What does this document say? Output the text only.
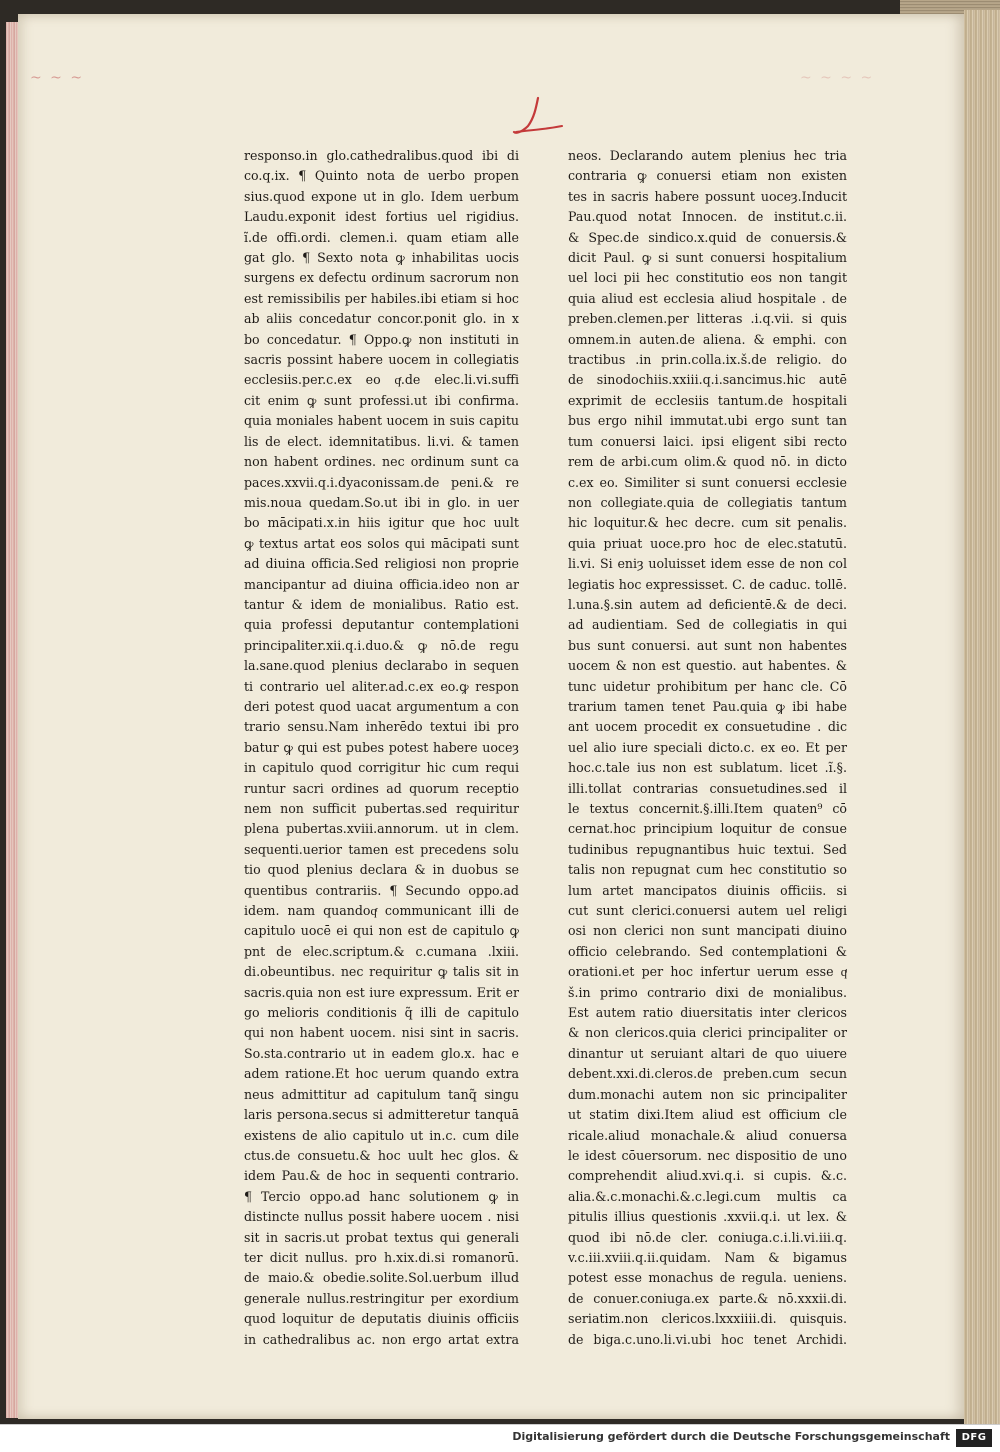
~ ~ ~	~ ~ ~ ~
respon​so.in glo.cathedralibus.quod ibi di
co.q.ix. ¶ Quinto nota de uerbo propen
sius.quod expone ut in glo. Idem uerbum
Laudu.exponit idest fortius uel rigidius.
ĩ.de offi.ordi. clemen.i. quam etiam alle
gat glo. ¶ Sexto nota ꝙ inhabilitas uocis
surgens ex defectu ordinum sacrorum non
est remissibilis per habiles.ibi etiam si hoc
ab aliis concedatur concor.ponit glo. in x
bo concedatur. ¶ Oppo.ꝙ non instituti in
sacris possint habere uocem in collegiatis
ecclesiis.per.c.ex eo qͬ.de elec.li.vi.suffi
cit enim ꝙ sunt professi.ut ibi confirma.
quia moniales habent uocem in suis capitu
lis de elect. idemnitatibus. li.vi. & tamen
non habent ordines. nec ordinum sunt ca
paces.xxvii.q.i.dyaconissam.de peni.& re
mis.noua quedam.So.ut ibi in glo. in uer
bo mācipati.x.in hiis igitur que hoc uult
ꝙ textus artat eos solos qui mācipati sunt
ad diuina officia.Sed religiosi non proprie
mancipantur ad diuina officia.ideo non ar
tantur & idem de monialibus. Ratio est.
quia professi deputantur contemplationi
principaliter.xii.q.i.duo.& ꝙ nō.de regu
la.sane.quod plenius declarabo in sequen
ti contrario uel aliter.ad.c.ex eo.ꝙ respon
deri potest quod uacat argumentum a con
trario sensu.Nam inherēdo textui ibi pro
batur ꝙ qui est pubes potest habere uoceȝ
in capitulo quod corrigitur hic cum requi
runtur sacri ordines ad quorum receptio
nem non sufficit pubertas.sed requiritur
plena pubertas.xviii.annorum. ut in clem.
sequenti.uerior tamen est precedens solu
tio quod plenius declara & in duobus se
quentibus contrariis. ¶ Secundo oppo.ad
idem. nam quandoqͬ communicant illi de
capitulo uocē ei qui non est de capitulo ꝙ
pnt de elec.scriptum.& c.cumana .lxiii.
di.obeuntibus. nec requiritur ꝙ talis sit in
sacris.quia non est iure expressum. Erit er
go melioris conditionis q̃ illi de capitulo
qui non habent uocem. nisi sint in sacris.
So.sta.contrario ut in eadem glo.x. hac e
adem ratione.Et hoc uerum quando extra
neus admittitur ad capitulum tanq̃ singu
laris persona.secus si admitteretur tanquā
existens de alio capitulo ut in.c. cum dile
ctus.de consuetu.& hoc uult hec glos. &
idem Pau.& de hoc in sequenti contrario.
¶ Tercio oppo.ad hanc solutionem ꝙ in
distincte nullus possit habere uocem . nisi
sit in sacris.ut probat textus qui generali
ter dicit nullus. pro h.xix.di.si romanorū.
de maio.& obedie.solite.Sol.uerbum illud
generale nullus.restringitur per exordium
quod loquitur de deputatis diuinis officiis
in cathedralibus ac. non ergo artat extra
neos. Declarando autem plenius hec tria
contraria ꝙ conuersi etiam non existen
tes in sacris habere possunt uoceȝ.Inducit
Pau.quod notat Innocen. de institut.c.ii.
& Spec.de sindico.x.quid de conuersis.&
dicit Paul. ꝙ si sunt conuersi hospitalium
uel loci pii hec constitutio eos non tangit
quia aliud est ecclesia aliud hospitale . de
preben.clemen.per litteras .i.q.vii. si quis
omnem.in auten.de aliena. & emphi. con
tractibus .in prin.colla.ix.š.de religio. do
de sinodochiis.xxiii.q.i.sancimus.hic autē
exprimit de ecclesiis tantum.de hospitali
bus ergo nihil immutat.ubi ergo sunt tan
tum conuersi laici. ipsi eligent sibi recto
rem de arbi.cum olim.& quod nō. in dicto
c.ex eo. Similiter si sunt conuersi ecclesie
non collegiate.quia de collegiatis tantum
hic loquitur.& hec decre. cum sit penalis.
quia priuat uoce.pro hoc de elec.statutū.
li.vi. Si eniȝ uoluisset idem esse de non col
legiatis hoc expressisset. C. de caduc. tollē.
l.una.§.sin autem ad deficientē.& de deci.
ad audientiam. Sed de collegiatis in qui
bus sunt conuersi. aut sunt non habentes
uocem & non est questio. aut habentes. &
tunc uidetur prohibitum per hanc cle. Cō
trarium tamen tenet Pau.quia ꝙ ibi habe
ant uocem procedit ex consuetudine . dic
uel alio iure speciali dicto.c. ex eo. Et per
hoc.c.tale ius non est sublatum. licet .ĩ.§.
illi.tollat contrarias consuetudines.sed il
le textus concernit.§.illi.Item quaten⁹ cō
cernat.hoc principium loquitur de consue
tudinibus repugnantibus huic textui. Sed
talis non repugnat cum hec constitutio so
lum artet mancipatos diuinis officiis. si
cut sunt clerici.conuersi autem uel religi
osi non clerici non sunt mancipati diuino
officio celebrando. Sed contemplationi &
orationi.et per hoc infertur uerum esse qͬ
š.in primo contrario dixi de monialibus.
Est autem ratio diuersitatis inter clericos
& non clericos.quia clerici principaliter or
dinantur ut seruiant altari de quo uiuere
debent.xxi.di.cleros.de preben.cum secun
dum.monachi autem non sic principaliter
ut statim dixi.Item aliud est officium cle
ricale.aliud monachale.& aliud conuersa
le idest cōuersorum. nec dispositio de uno
comprehendit aliud.xvi.q.i. si cupis. &.c.
alia.&.c.monachi.&.c.legi.cum multis ca
pitulis illius questionis .xxvii.q.i. ut lex. &
quod ibi nō.de cler. coniuga.c.i.li.vi.iii.q.
v.c.iii.xviii.q.ii.quidam. Nam & bigamus
potest esse monachus de regula. ueniens.
de conuer.coniuga.ex parte.& nō.xxxii.di.
seriatim.non clericos.lxxxiiii.di. quisquis.
de biga.c.uno.li.vi.ubi hoc tenet Archidi.
Digitalisierung gefördert durch die Deutsche Forschungsgemeinschaft	DFG
